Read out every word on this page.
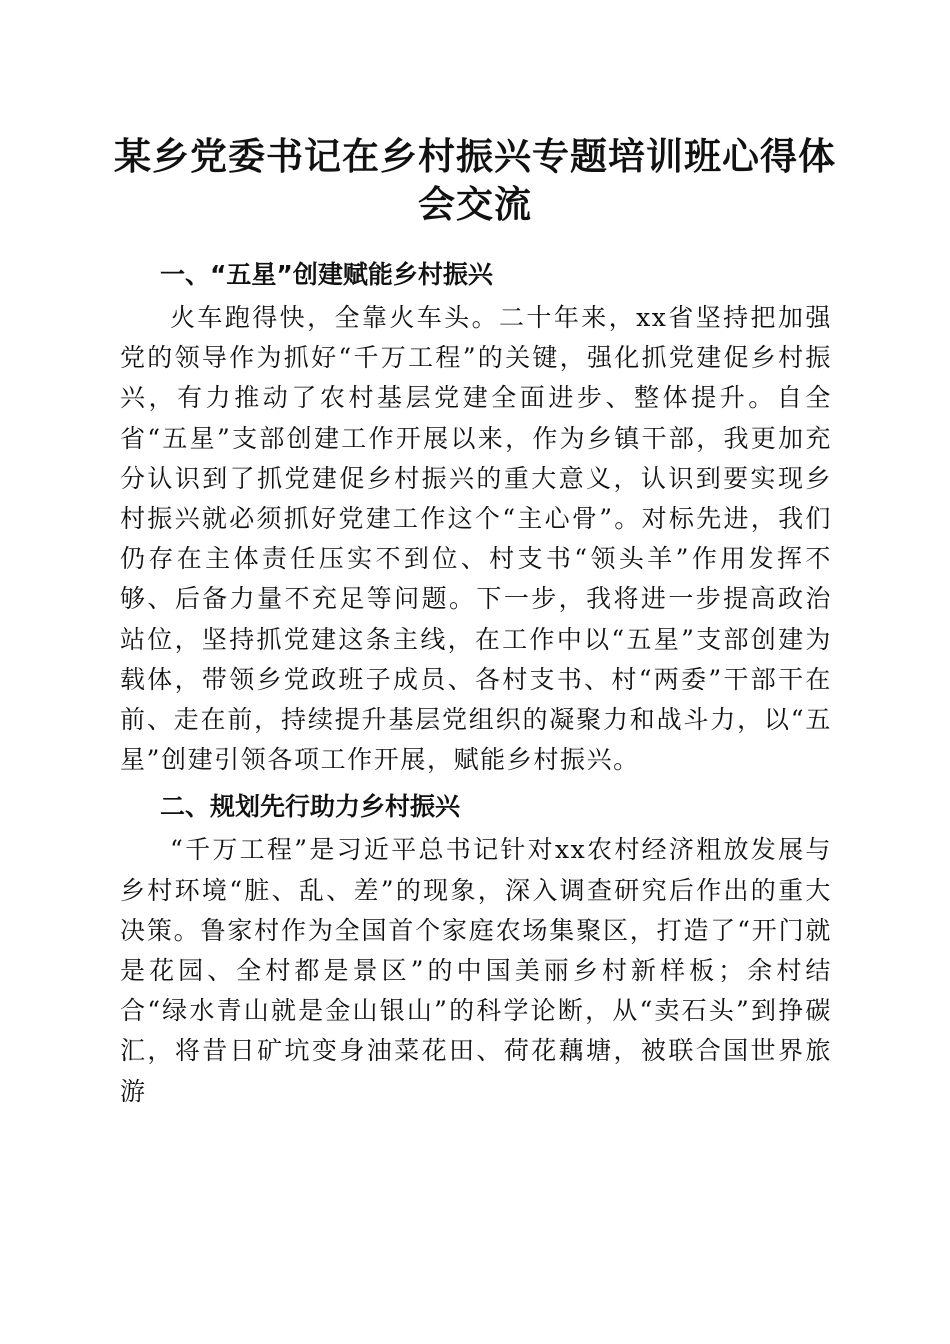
某乡党委书记在乡村振兴专题培训班心得体会交流
一、“五星”创建赋能乡村振兴

火车跑得快，全靠火车头。二十年来，xx省坚持把加强党的领导作为抓好“千万工程”的关键，强化抓党建促乡村振兴，有力推动了农村基层党建全面进步、整体提升。自全省“五星”支部创建工作开展以来，作为乡镇干部，我更加充分认识到了抓党建促乡村振兴的重大意义，认识到要实现乡村振兴就必须抓好党建工作这个“主心骨”。对标先进，我们仍存在主体责任压实不到位、村支书“领头羊”作用发挥不够、后备力量不充足等问题。下一步，我将进一步提高政治站位，坚持抓党建这条主线，在工作中以“五星”支部创建为载体，带领乡党政班子成员、各村支书、村“两委”干部干在前、走在前，持续提升基层党组织的凝聚力和战斗力，以“五星”创建引领各项工作开展，赋能乡村振兴。

二、规划先行助力乡村振兴

“千万工程”是习近平总书记针对xx农村经济粗放发展与乡村环境“脏、乱、差”的现象，深入调查研究后作出的重大决策。鲁家村作为全国首个家庭农场集聚区，打造了“开门就是花园、全村都是景区”的中国美丽乡村新样板；余村结合“绿水青山就是金山银山”的科学论断，从“卖石头”到挣碳汇，将昔日矿坑变身油菜花田、荷花藕塘，被联合国世界旅游
